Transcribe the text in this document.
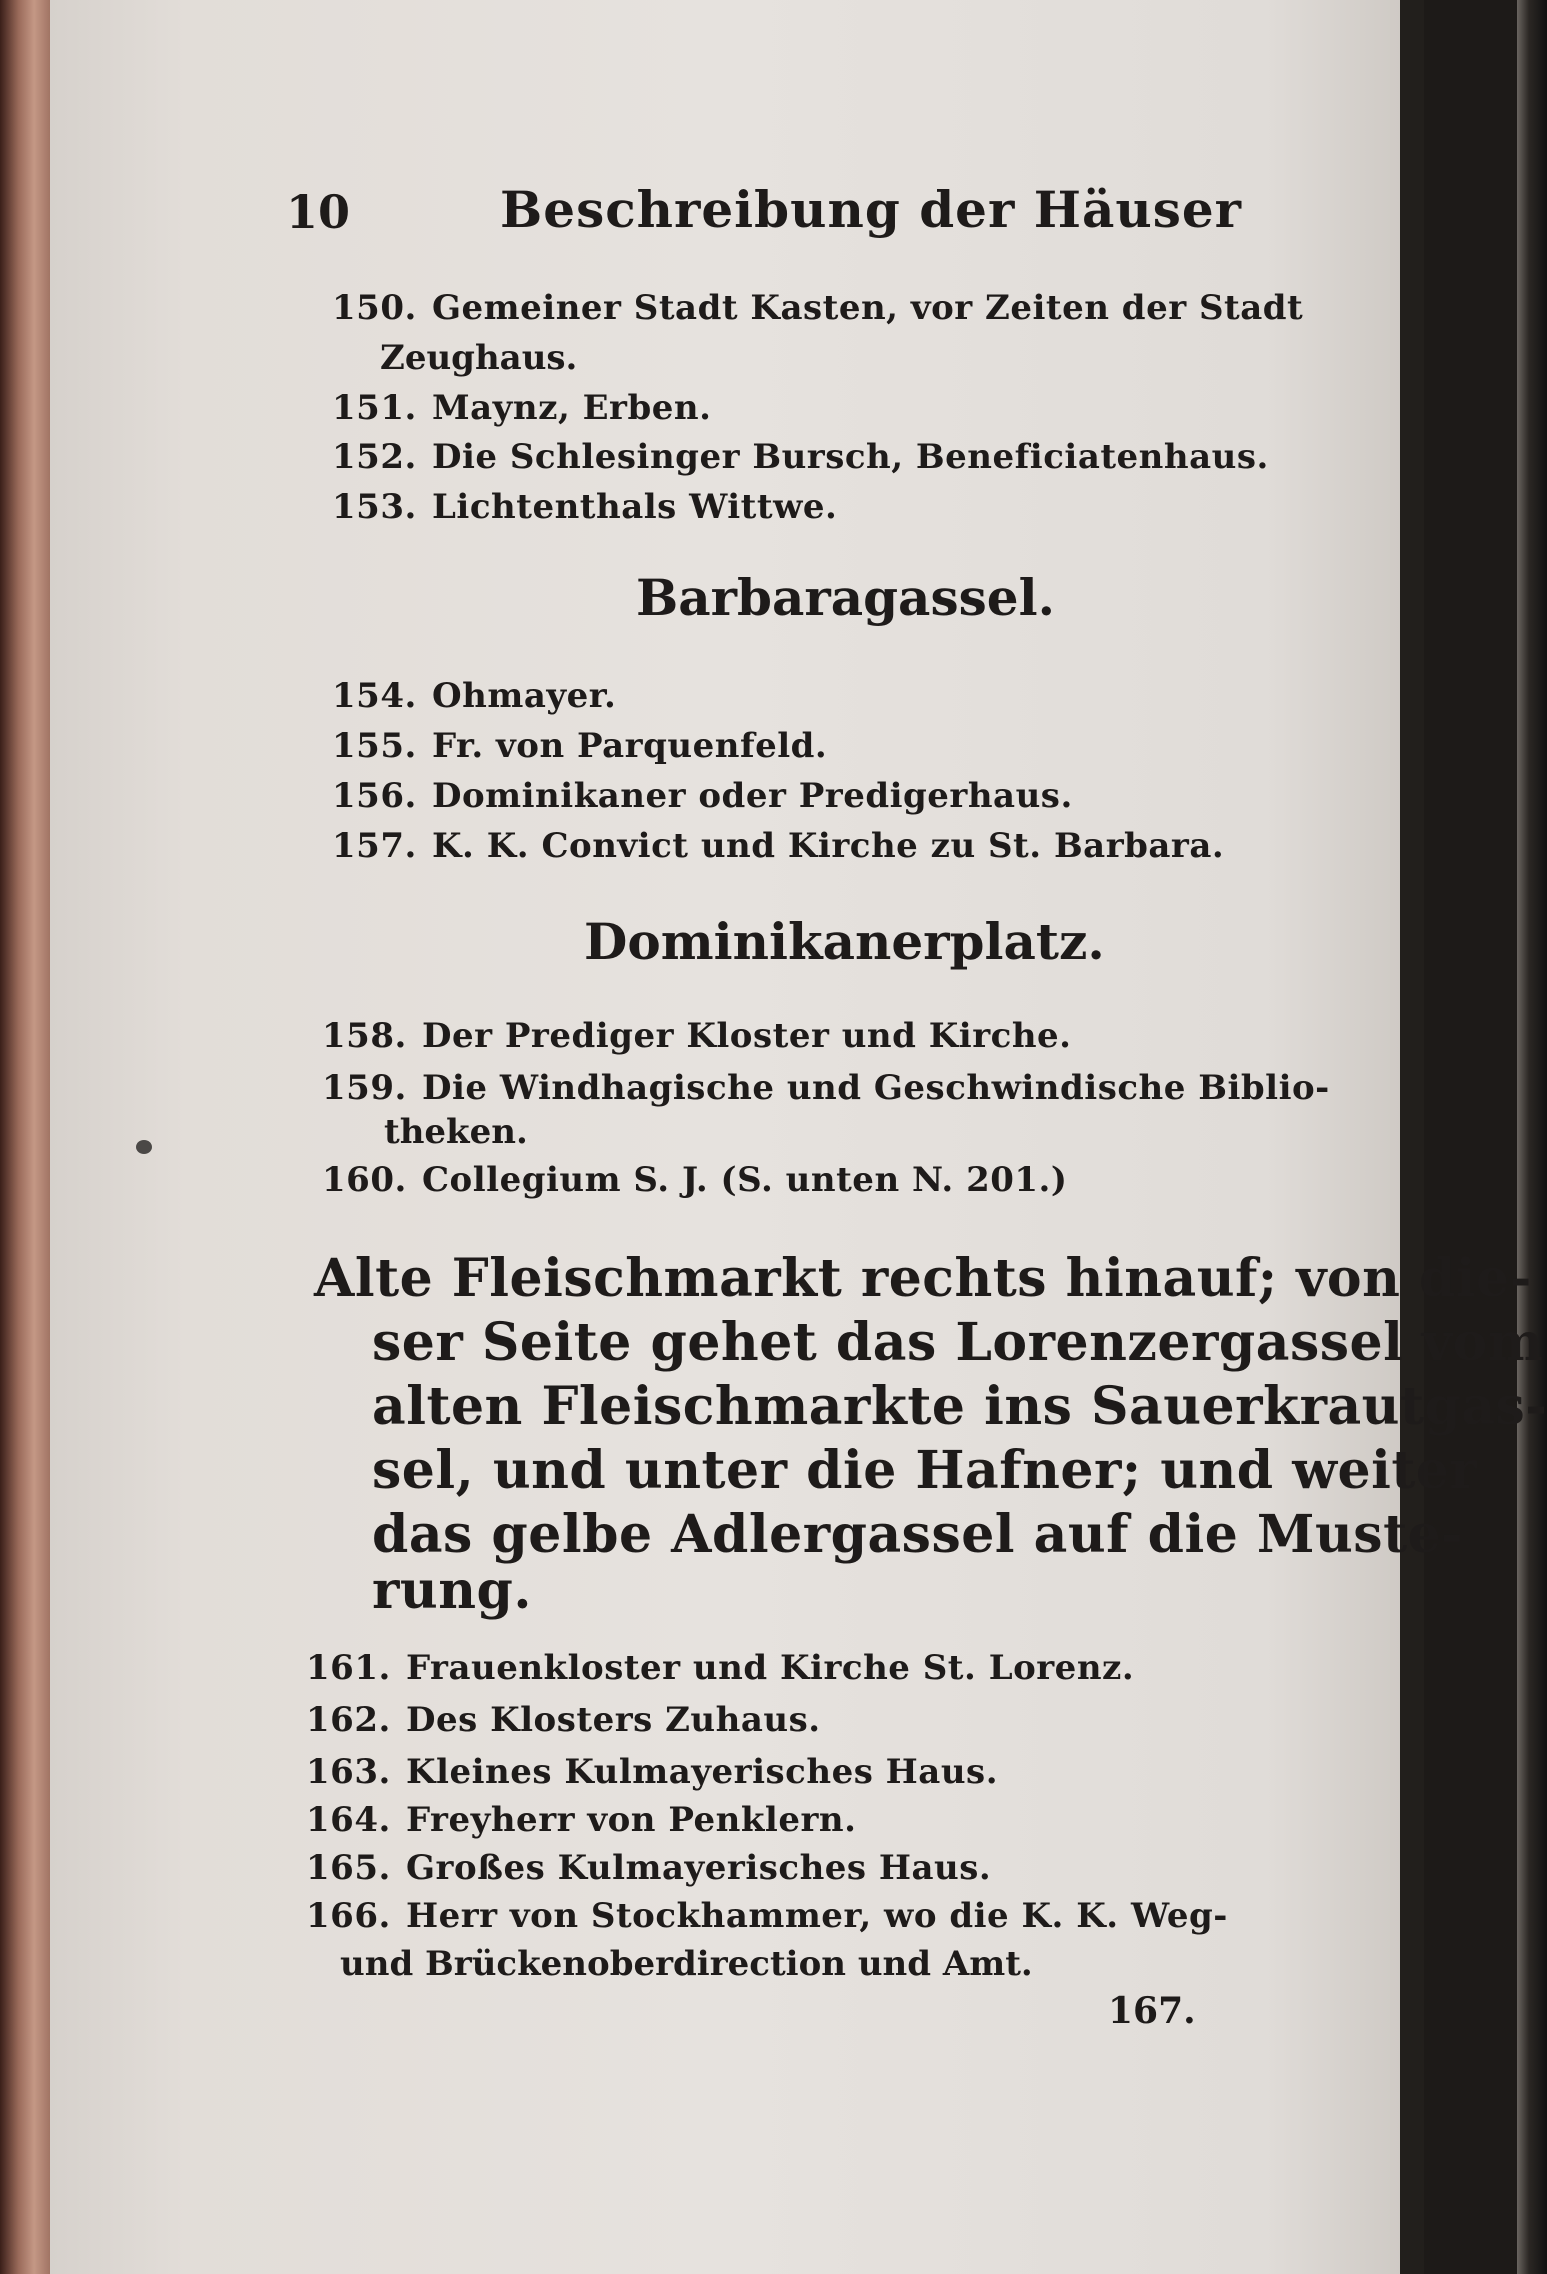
10	Beschreibung der Häuser
150. Gemeiner Stadt Kasten, vor Zeiten der Stadt
Zeughaus.
151. Maynz, Erben.
152. Die Schlesinger Bursch, Beneficiatenhaus.
153. Lichtenthals Wittwe.
Barbaragassel.
154. Ohmayer.
155. Fr. von Parquenfeld.
156. Dominikaner oder Predigerhaus.
157. K. K. Convict und Kirche zu St. Barbara.
Dominikanerplatz.
158. Der Prediger Kloster und Kirche.
159. Die Windhagische und Geschwindische Biblio-
theken.
160. Collegium S. J. (S. unten N. 201.)
Alte Fleischmarkt rechts hinauf; von die-
ser Seite gehet das Lorenzergassel vom
alten Fleischmarkte ins Sauerkrautgas-
sel, und unter die Hafner; und weiter
das gelbe Adlergassel auf die Muste-
rung.
161. Frauenkloster und Kirche St. Lorenz.
162. Des Klosters Zuhaus.
163. Kleines Kulmayerisches Haus.
164. Freyherr von Penklern.
165. Großes Kulmayerisches Haus.
166. Herr von Stockhammer, wo die K. K. Weg-
und Brückenoberdirection und Amt.
167.
